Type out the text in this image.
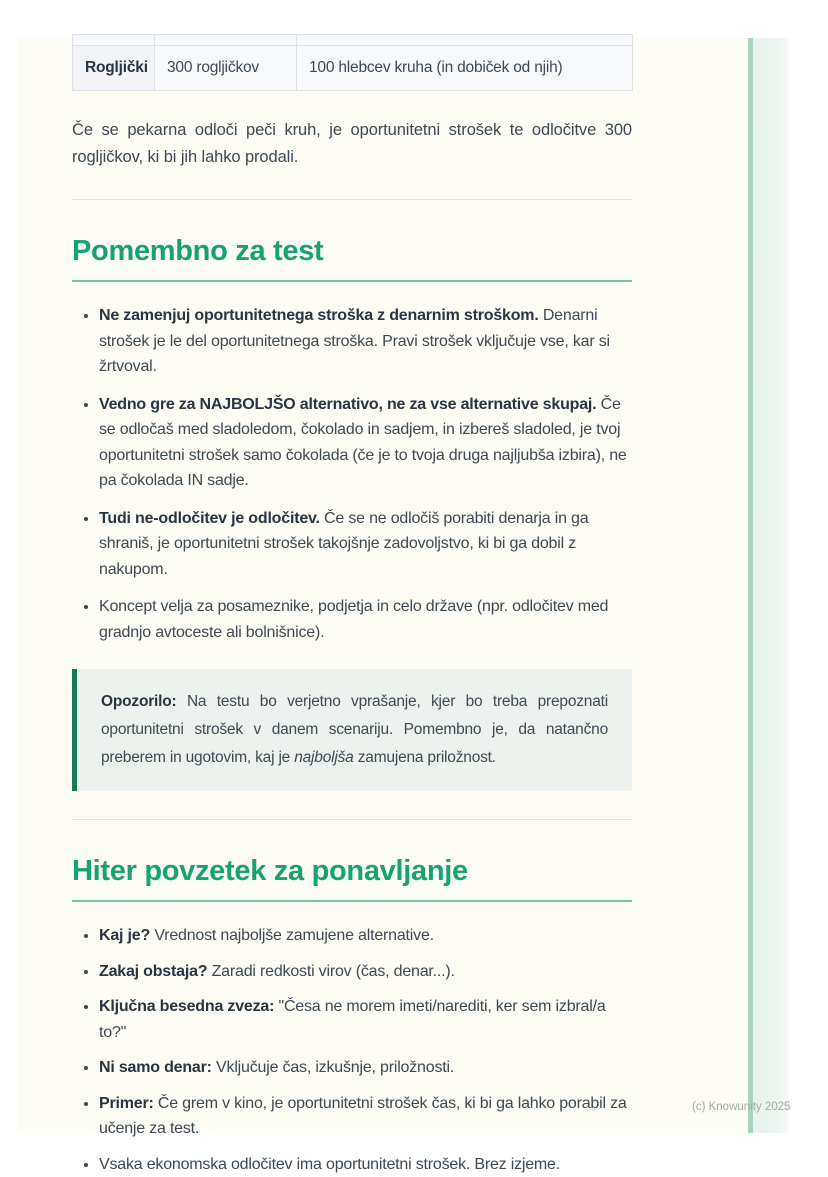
Rogljički	300 rogljičkov	100 hlebcev kruha (in dobiček od njih)

Če se pekarna odloči peči kruh, je oportunitetni strošek te odločitve 300 rogljičkov, ki bi jih lahko prodali.

Pomembno za test
• Ne zamenjuj oportunitetnega stroška z denarnim stroškom. Denarni strošek je le del oportunitetnega stroška. Pravi strošek vključuje vse, kar si žrtvoval.
• Vedno gre za NAJBOLJŠO alternativo, ne za vse alternative skupaj. Če se odločaš med sladoledom, čokolado in sadjem, in izbereš sladoled, je tvoj oportunitetni strošek samo čokolada (če je to tvoja druga najljubša izbira), ne pa čokolada IN sadje.
• Tudi ne-odločitev je odločitev. Če se ne odločiš porabiti denarja in ga shraniš, je oportunitetni strošek takojšnje zadovoljstvo, ki bi ga dobil z nakupom.
• Koncept velja za posameznike, podjetja in celo države (npr. odločitev med gradnjo avtoceste ali bolnišnice).

Opozorilo: Na testu bo verjetno vprašanje, kjer bo treba prepoznati oportunitetni strošek v danem scenariju. Pomembno je, da natančno preberem in ugotovim, kaj je najboljša zamujena priložnost.

Hiter povzetek za ponavljanje
• Kaj je? Vrednost najboljše zamujene alternative.
• Zakaj obstaja? Zaradi redkosti virov (čas, denar...).
• Ključna besedna zveza: "Česa ne morem imeti/narediti, ker sem izbral/a to?"
• Ni samo denar: Vključuje čas, izkušnje, priložnosti.
• Primer: Če grem v kino, je oportunitetni strošek čas, ki bi ga lahko porabil za učenje za test.
• Vsaka ekonomska odločitev ima oportunitetni strošek. Brez izjeme.
(c) Knowunity 2025
